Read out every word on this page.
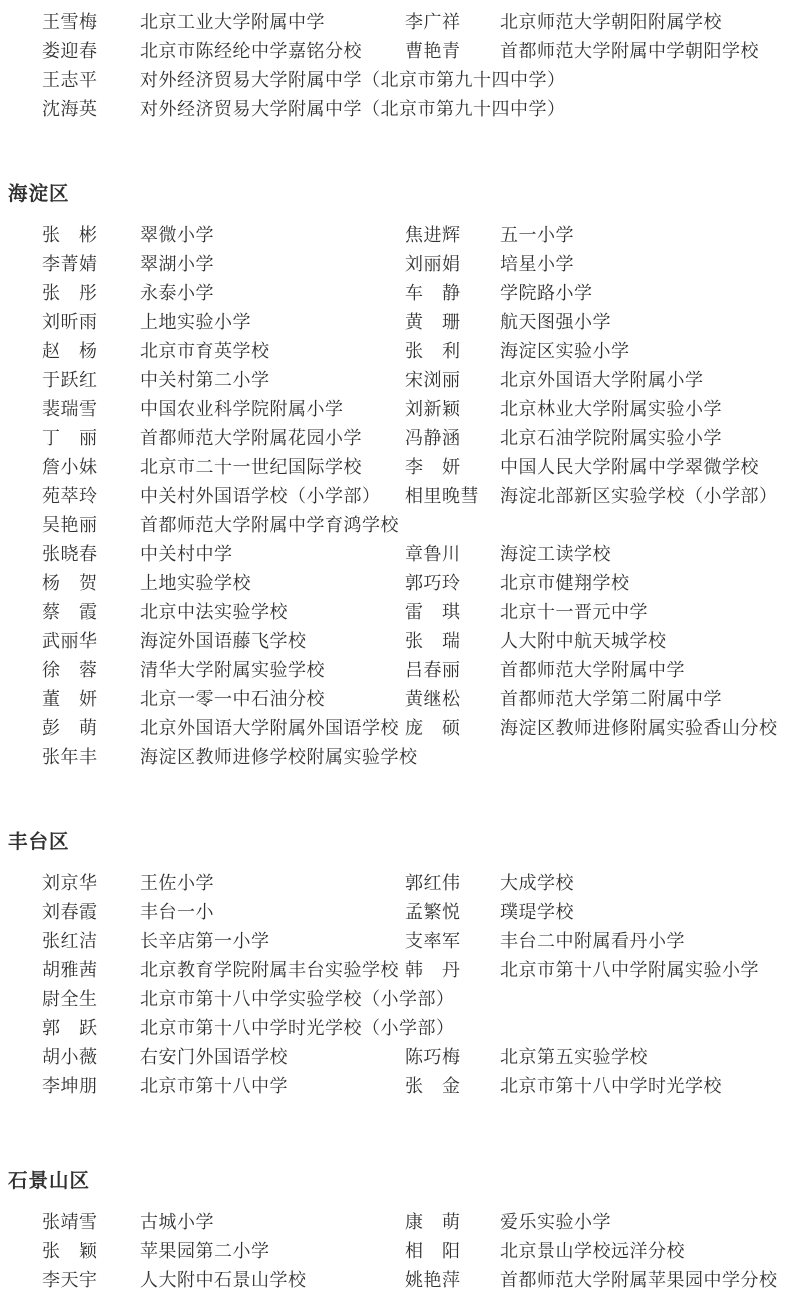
王雪梅	北京工业大学附属中学	李广祥	北京师范大学朝阳附属学校
娄迎春	北京市陈经纶中学嘉铭分校	曹艳青	首都师范大学附属中学朝阳学校
王志平	对外经济贸易大学附属中学（北京市第九十四中学）
沈海英	对外经济贸易大学附属中学（北京市第九十四中学）
海淀区
张　彬	翠微小学	焦进辉	五一小学
李菁婧	翠湖小学	刘丽娟	培星小学
张　彤	永泰小学	车　静	学院路小学
刘昕雨	上地实验小学	黄　珊	航天图强小学
赵　杨	北京市育英学校	张　利	海淀区实验小学
于跃红	中关村第二小学	宋浏丽	北京外国语大学附属小学
裴瑞雪	中国农业科学院附属小学	刘新颖	北京林业大学附属实验小学
丁　丽	首都师范大学附属花园小学	冯静涵	北京石油学院附属实验小学
詹小妹	北京市二十一世纪国际学校	李　妍	中国人民大学附属中学翠微学校
苑萃玲	中关村外国语学校（小学部）	相里晚彗	海淀北部新区实验学校（小学部）
吴艳丽	首都师范大学附属中学育鸿学校
张晓春	中关村中学	章鲁川	海淀工读学校
杨　贺	上地实验学校	郭巧玲	北京市健翔学校
蔡　霞	北京中法实验学校	雷　琪	北京十一晋元中学
武丽华	海淀外国语藤飞学校	张　瑞	人大附中航天城学校
徐　蓉	清华大学附属实验学校	吕春丽	首都师范大学附属中学
董　妍	北京一零一中石油分校	黄继松	首都师范大学第二附属中学
彭　萌	北京外国语大学附属外国语学校 庞　硕	海淀区教师进修附属实验香山分校
张年丰	海淀区教师进修学校附属实验学校
丰台区
刘京华	王佐小学	郭红伟	大成学校
刘春霞	丰台一小	孟繁悦	璞瑅学校
张红洁	长辛店第一小学	支率军	丰台二中附属看丹小学
胡雅茜	北京教育学院附属丰台实验学校 韩　丹	北京市第十八中学附属实验小学
尉全生	北京市第十八中学实验学校（小学部）
郭　跃	北京市第十八中学时光学校（小学部）
胡小薇	右安门外国语学校	陈巧梅	北京第五实验学校
李坤朋	北京市第十八中学	张　金	北京市第十八中学时光学校
石景山区
张靖雪	古城小学	康　萌	爱乐实验小学
张　颖	苹果园第二小学	相　阳	北京景山学校远洋分校
李天宇	人大附中石景山学校	姚艳萍	首都师范大学附属苹果园中学分校
